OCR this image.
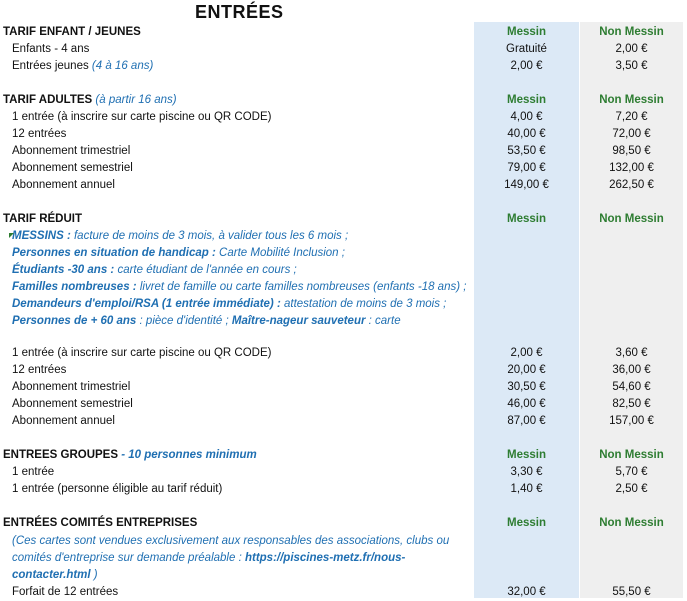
ENTRÉES
TARIF ENFANT / JEUNES	Messin	Non Messin
Enfants - 4 ans	Gratuité	2,00 €
Entrées jeunes (4 à 16 ans)	2,00 €	3,50 €
TARIF ADULTES (à partir 16 ans)	Messin	Non Messin
1 entrée (à inscrire sur carte piscine ou QR CODE)	4,00 €	7,20 €
12 entrées	40,00 €	72,00 €
Abonnement trimestriel	53,50 €	98,50 €
Abonnement semestriel	79,00 €	132,00 €
Abonnement annuel	149,00 €	262,50 €
TARIF RÉDUIT	Messin	Non Messin
MESSINS : facture de moins de 3 mois, à valider tous les 6 mois ;
Personnes en situation de handicap : Carte Mobilité Inclusion ;
Étudiants -30 ans : carte étudiant de l'année en cours ;
Familles nombreuses : livret de famille ou carte familles nombreuses (enfants -18 ans) ;
Demandeurs d'emploi/RSA (1 entrée immédiate) : attestation de moins de 3 mois ;
Personnes de + 60 ans : pièce d'identité ; Maître-nageur sauveteur : carte
1 entrée (à inscrire sur carte piscine ou QR CODE)	2,00 €	3,60 €
12 entrées	20,00 €	36,00 €
Abonnement trimestriel	30,50 €	54,60 €
Abonnement semestriel	46,00 €	82,50 €
Abonnement annuel	87,00 €	157,00 €
ENTREES GROUPES - 10 personnes minimum	Messin	Non Messin
1 entrée	3,30 €	5,70 €
1 entrée (personne éligible au tarif réduit)	1,40 €	2,50 €
ENTRÉES COMITÉS ENTREPRISES	Messin	Non Messin
(Ces cartes sont vendues exclusivement aux responsables des associations, clubs ou
comités d'entreprise sur demande préalable : https://piscines-metz.fr/nous-
contacter.html )
Forfait de 12 entrées	32,00 €	55,50 €
